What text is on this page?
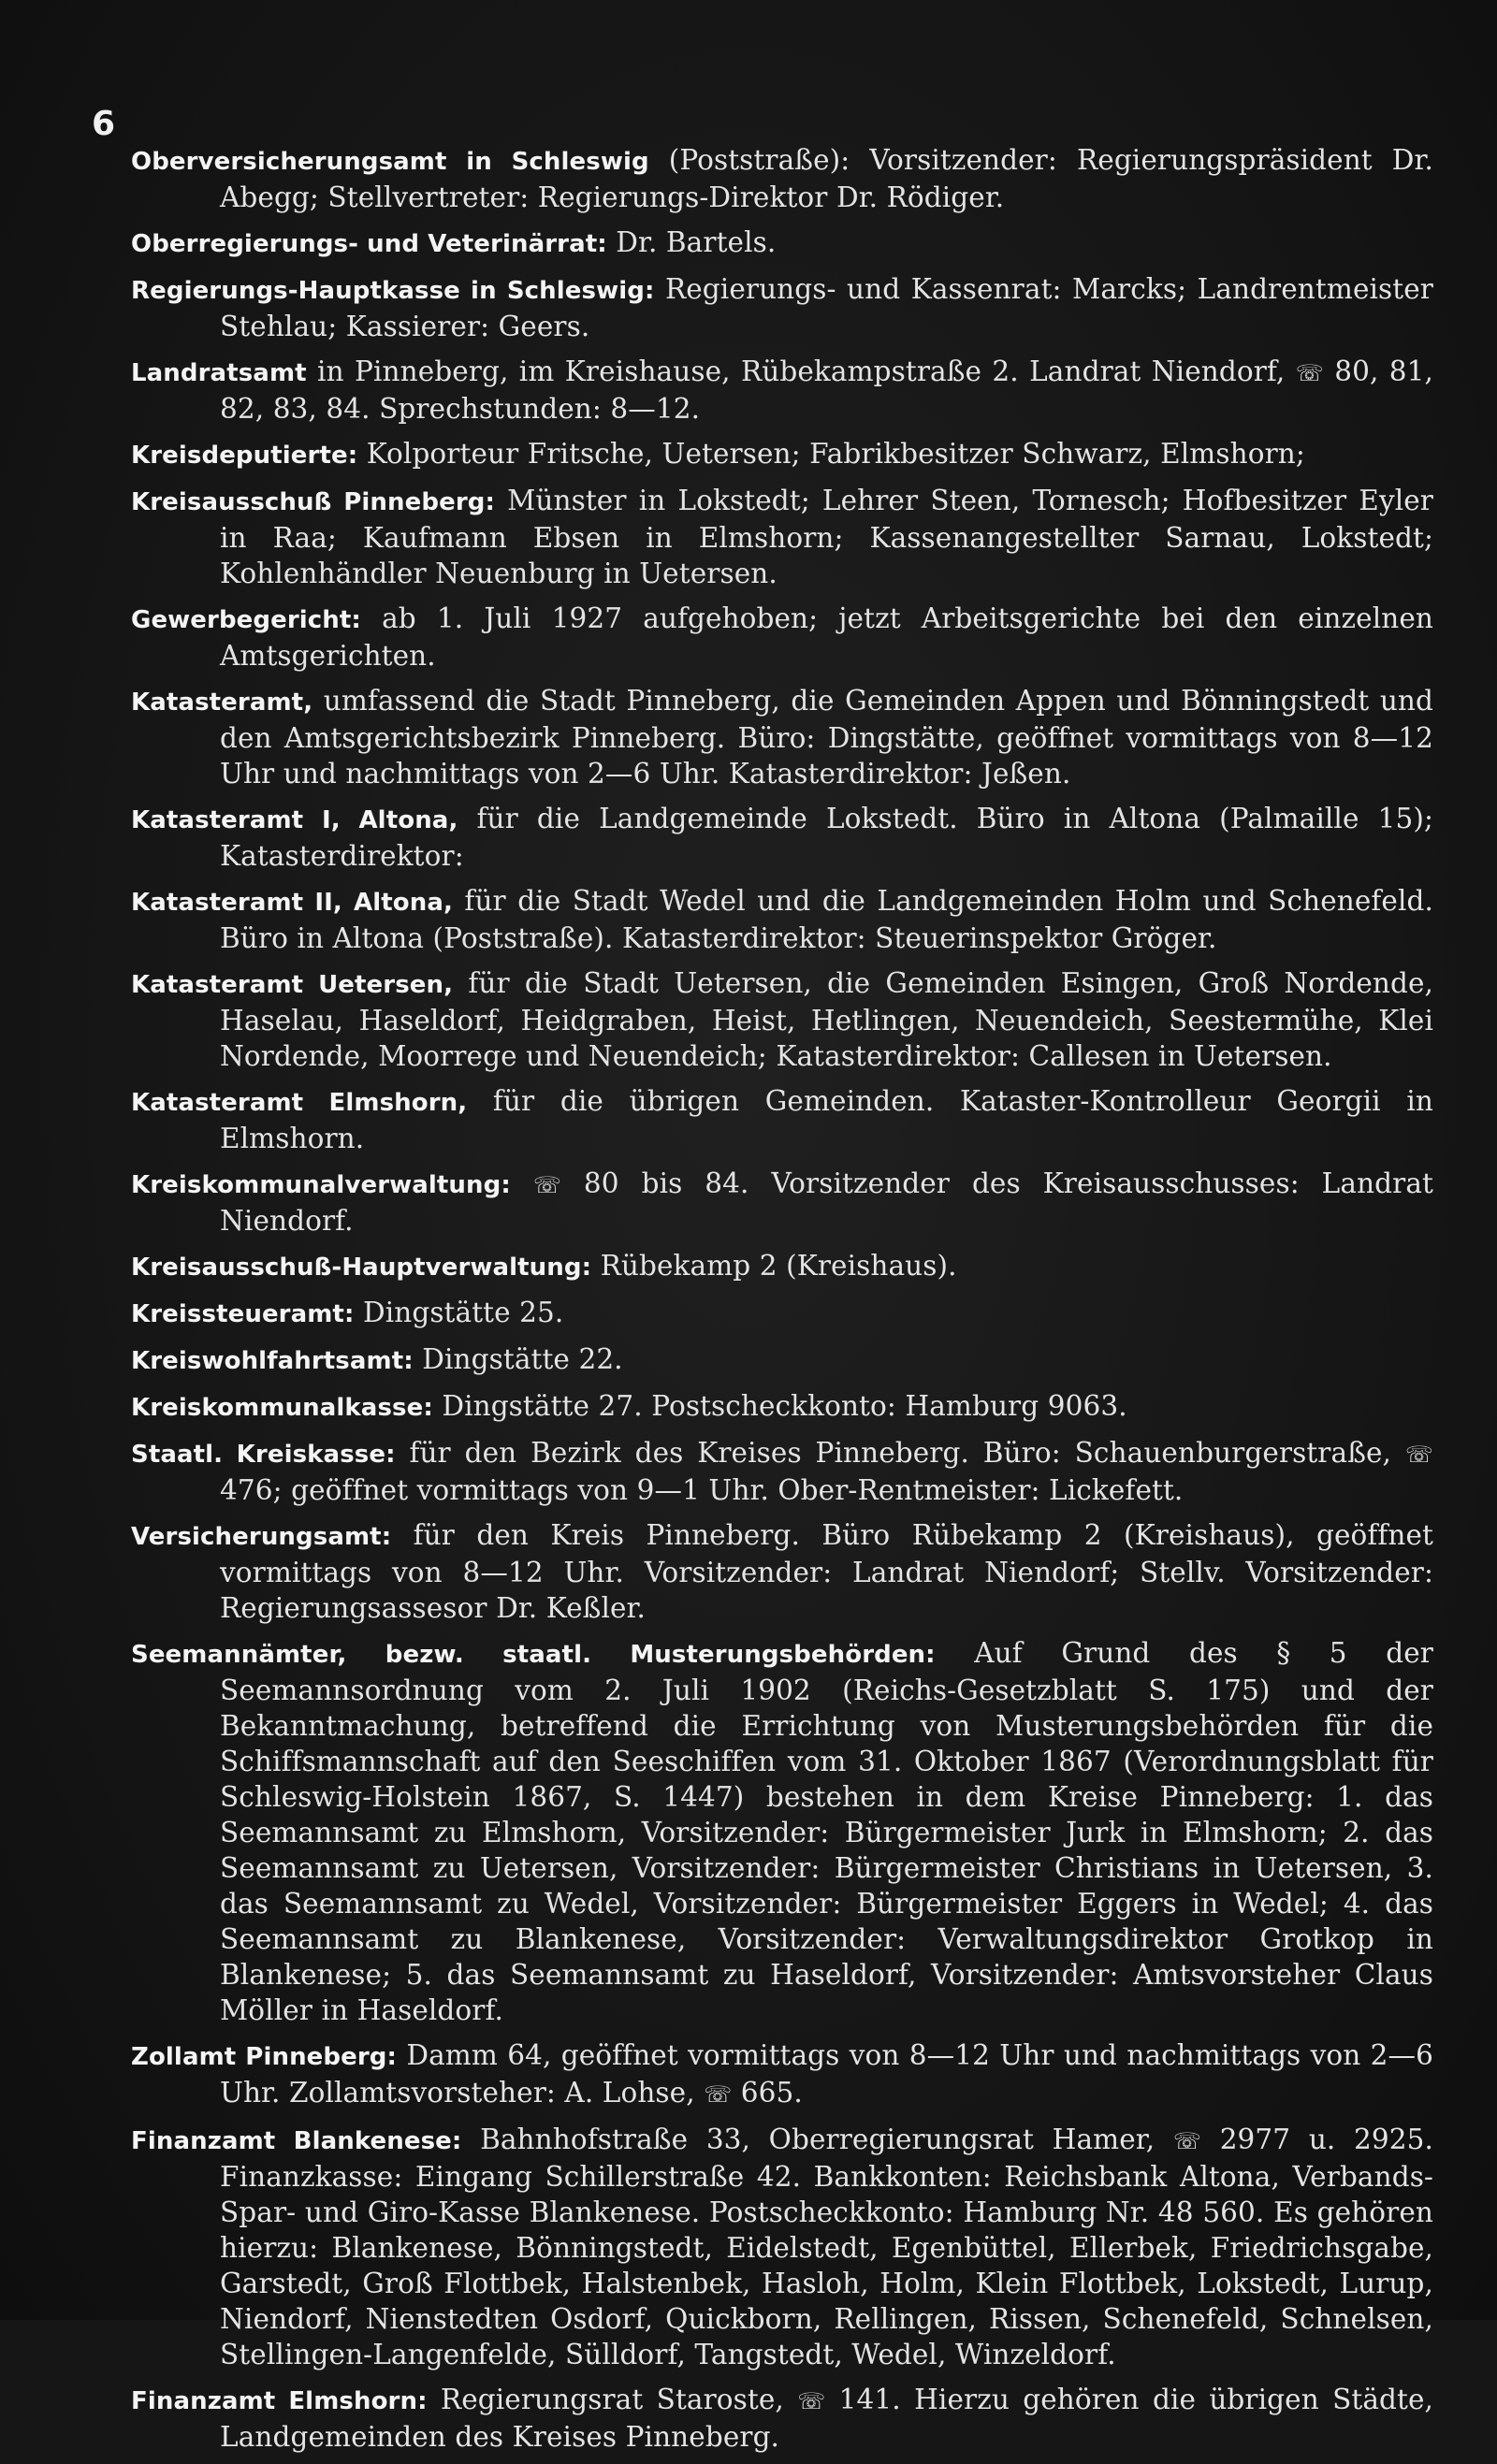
6

Oberversicherungsamt in Schleswig (Poststraße): Vorsitzender: Regierungspräsident Dr. Abegg; Stellvertreter: Regierungs-Direktor Dr. Rödiger.

Oberregierungs- und Veterinärrat: Dr. Bartels.

Regierungs-Hauptkasse in Schleswig: Regierungs- und Kassenrat: Marcks; Landrentmeister Stehlau; Kassierer: Geers.

Landratsamt in Pinneberg, im Kreishause, Rübekampstraße 2. Landrat Niendorf, ☏ 80, 81, 82, 83, 84. Sprechstunden: 8—12.

Kreisdeputierte: Kolporteur Fritsche, Uetersen; Fabrikbesitzer Schwarz, Elmshorn;

Kreisausschuß Pinneberg: Münster in Lokstedt; Lehrer Steen, Tornesch; Hofbesitzer Eyler in Raa; Kaufmann Ebsen in Elmshorn; Kassenangestellter Sarnau, Lokstedt; Kohlenhändler Neuenburg in Uetersen.

Gewerbegericht: ab 1. Juli 1927 aufgehoben; jetzt Arbeitsgerichte bei den einzelnen Amtsgerichten.

Katasteramt, umfassend die Stadt Pinneberg, die Gemeinden Appen und Bönningstedt und den Amtsgerichtsbezirk Pinneberg. Büro: Dingstätte, geöffnet vormittags von 8—12 Uhr und nachmittags von 2—6 Uhr. Katasterdirektor: Jeßen.

Katasteramt I, Altona, für die Landgemeinde Lokstedt. Büro in Altona (Palmaille 15); Katasterdirektor:

Katasteramt II, Altona, für die Stadt Wedel und die Landgemeinden Holm und Schenefeld. Büro in Altona (Poststraße). Katasterdirektor: Steuerinspektor Gröger.

Katasteramt Uetersen, für die Stadt Uetersen, die Gemeinden Esingen, Groß Nordende, Haselau, Haseldorf, Heidgraben, Heist, Hetlingen, Neuendeich, Seestermühe, Klei Nordende, Moorrege und Neuendeich; Katasterdirektor: Callesen in Uetersen.

Katasteramt Elmshorn, für die übrigen Gemeinden. Kataster-Kontrolleur Georgii in Elmshorn.

Kreiskommunalverwaltung: ☏ 80 bis 84. Vorsitzender des Kreisausschusses: Landrat Niendorf.

Kreisausschuß-Hauptverwaltung: Rübekamp 2 (Kreishaus).

Kreissteueramt: Dingstätte 25.

Kreiswohlfahrtsamt: Dingstätte 22.

Kreiskommunalkasse: Dingstätte 27. Postscheckkonto: Hamburg 9063.

Staatl. Kreiskasse: für den Bezirk des Kreises Pinneberg. Büro: Schauenburgerstraße, ☏ 476; geöffnet vormittags von 9—1 Uhr. Ober-Rentmeister: Lickefett.

Versicherungsamt: für den Kreis Pinneberg. Büro Rübekamp 2 (Kreishaus), geöffnet vormittags von 8—12 Uhr. Vorsitzender: Landrat Niendorf; Stellv. Vorsitzender: Regierungsassesor Dr. Keßler.

Seemannämter, bezw. staatl. Musterungsbehörden: Auf Grund des § 5 der Seemannsordnung vom 2. Juli 1902 (Reichs-Gesetzblatt S. 175) und der Bekanntmachung, betreffend die Errichtung von Musterungsbehörden für die Schiffsmannschaft auf den Seeschiffen vom 31. Oktober 1867 (Verordnungsblatt für Schleswig-Holstein 1867, S. 1447) bestehen in dem Kreise Pinneberg: 1. das Seemannsamt zu Elmshorn, Vorsitzender: Bürgermeister Jurk in Elmshorn; 2. das Seemannsamt zu Uetersen, Vorsitzender: Bürgermeister Christians in Uetersen, 3. das Seemannsamt zu Wedel, Vorsitzender: Bürgermeister Eggers in Wedel; 4. das Seemannsamt zu Blankenese, Vorsitzender: Verwaltungsdirektor Grotkop in Blankenese; 5. das Seemannsamt zu Haseldorf, Vorsitzender: Amtsvorsteher Claus Möller in Haseldorf.

Zollamt Pinneberg: Damm 64, geöffnet vormittags von 8—12 Uhr und nachmittags von 2—6 Uhr. Zollamtsvorsteher: A. Lohse, ☏ 665.

Finanzamt Blankenese: Bahnhofstraße 33, Oberregierungsrat Hamer, ☏ 2977 u. 2925. Finanzkasse: Eingang Schillerstraße 42. Bankkonten: Reichsbank Altona, Verbands-Spar- und Giro-Kasse Blankenese. Postscheckkonto: Hamburg Nr. 48 560. Es gehören hierzu: Blankenese, Bönningstedt, Eidelstedt, Egenbüttel, Ellerbek, Friedrichsgabe, Garstedt, Groß Flottbek, Halstenbek, Hasloh, Holm, Klein Flottbek, Lokstedt, Lurup, Niendorf, Nienstedten Osdorf, Quickborn, Rellingen, Rissen, Schenefeld, Schnelsen, Stellingen-Langenfelde, Sülldorf, Tangstedt, Wedel, Winzeldorf.

Finanzamt Elmshorn: Regierungsrat Staroste, ☏ 141. Hierzu gehören die übrigen Städte, Landgemeinden des Kreises Pinneberg.
